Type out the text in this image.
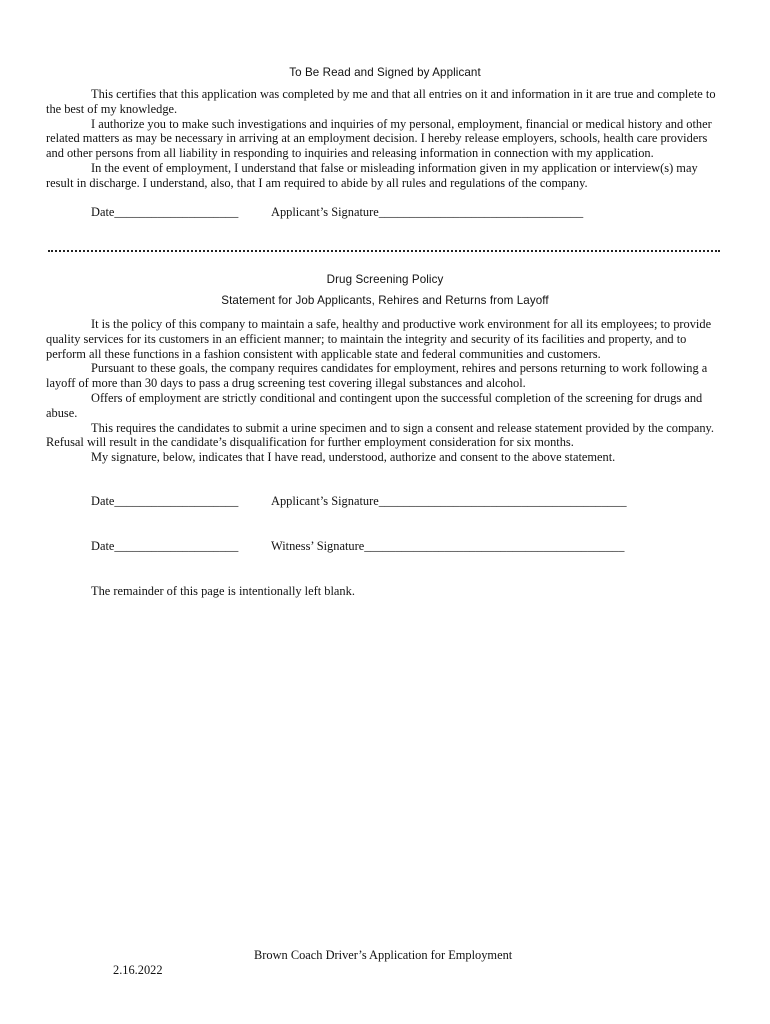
To Be Read and Signed by Applicant

This certifies that this application was completed by me and that all entries on it and information in it are true and complete to the best of my knowledge.

I authorize you to make such investigations and inquiries of my personal, employment, financial or medical history and other related matters as may be necessary in arriving at an employment decision. I hereby release employers, schools, health care providers and other persons from all liability in responding to inquiries and releasing information in connection with my application.

In the event of employment, I understand that false or misleading information given in my application or interview(s) may result in discharge. I understand, also, that I am required to abide by all rules and regulations of the company.

Date____________________	Applicant’s Signature_________________________________
Drug Screening Policy
Statement for Job Applicants, Rehires and Returns from Layoff

It is the policy of this company to maintain a safe, healthy and productive work environment for all its employees; to provide quality services for its customers in an efficient manner; to maintain the integrity and security of its facilities and property, and to perform all these functions in a fashion consistent with applicable state and federal communities and customers.

Pursuant to these goals, the company requires candidates for employment, rehires and persons returning to work following a layoff of more than 30 days to pass a drug screening test covering illegal substances and alcohol.

Offers of employment are strictly conditional and contingent upon the successful completion of the screening for drugs and abuse.

This requires the candidates to submit a urine specimen and to sign a consent and release statement provided by the company. Refusal will result in the candidate’s disqualification for further employment consideration for six months.

My signature, below, indicates that I have read, understood, authorize and consent to the above statement.

Date____________________	Applicant’s Signature________________________________________
Date____________________	Witness’ Signature__________________________________________
The remainder of this page is intentionally left blank.
Brown Coach Driver’s Application for Employment
2.16.2022
